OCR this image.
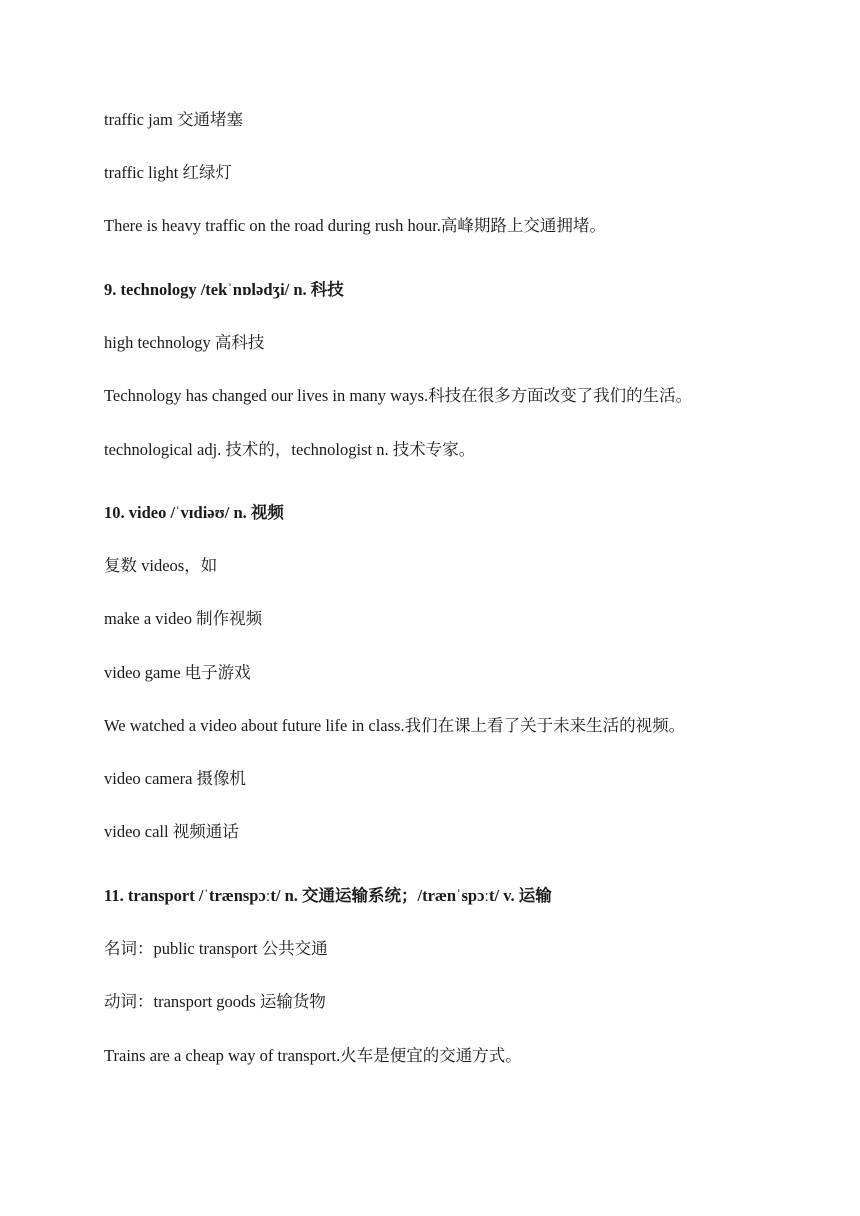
traffic jam 交通堵塞
traffic light 红绿灯
There is heavy traffic on the road during rush hour.高峰期路上交通拥堵。
9. technology /tekˈnɒlədʒi/ n. 科技
high technology 高科技
Technology has changed our lives in many ways.科技在很多方面改变了我们的生活。
technological adj. 技术的，technologist n. 技术专家。
10. video /ˈvɪdiəʊ/ n. 视频
复数 videos，如
make a video 制作视频
video game 电子游戏
We watched a video about future life in class.我们在课上看了关于未来生活的视频。
video camera 摄像机
video call 视频通话
11. transport /ˈtrænspɔːt/ n. 交通运输系统；/trænˈspɔːt/ v. 运输
名词：public transport 公共交通
动词：transport goods 运输货物
Trains are a cheap way of transport.火车是便宜的交通方式。
